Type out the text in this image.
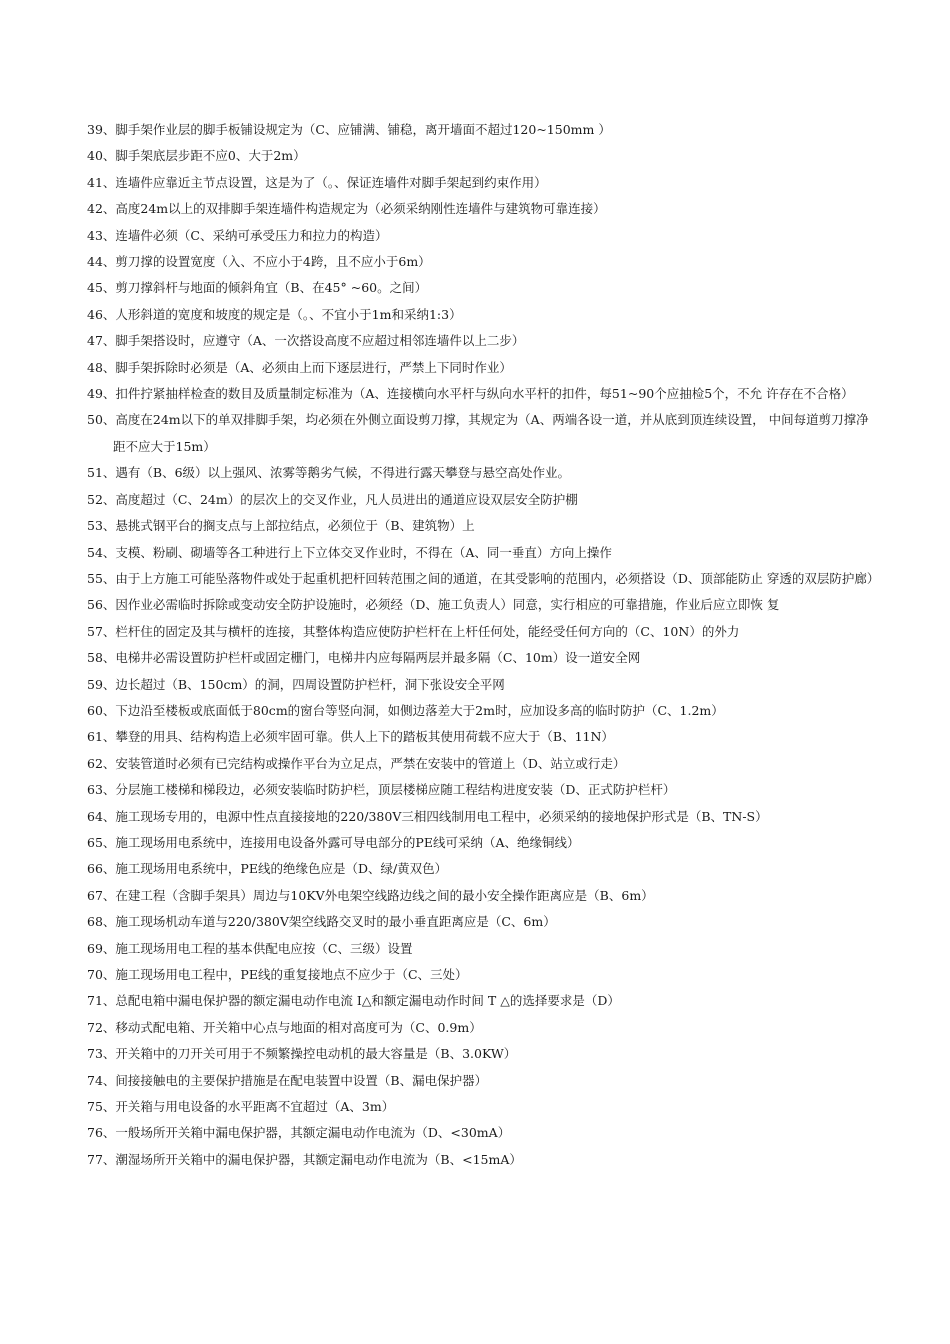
39、脚手架作业层的脚手板铺设规定为（C、应铺满、铺稳，离开墙面不超过120~150mm ）
40、脚手架底层步距不应0、大于2m）
41、连墙件应靠近主节点设置，这是为了（。、保证连墙件对脚手架起到约束作用）
42、高度24m以上的双排脚手架连墙件构造规定为（必须采纳刚性连墙件与建筑物可靠连接）
43、连墙件必须（C、采纳可承受压力和拉力的构造）
44、剪刀撑的设置宽度（入、不应小于4跨，且不应小于6m）
45、剪刀撑斜杆与地面的倾斜角宜（B、在45° ~60。之间）
46、人形斜道的宽度和坡度的规定是（。、不宜小于1m和采纳1:3）
47、脚手架搭设时，应遵守（A、一次搭设高度不应超过相邻连墙件以上二步）
48、脚手架拆除时必须是（A、必须由上而下逐层进行，严禁上下同时作业）
49、扣件拧紧抽样检查的数目及质量制定标准为（A、连接横向水平杆与纵向水平杆的扣件，每51~90个应抽检5个，不允 许存在不合格）
50、高度在24m以下的单双排脚手架，均必须在外侧立面设剪刀撑，其规定为（A、两端各设一道，并从底到顶连续设置， 中间每道剪刀撑净距不应大于15m）
51、遇有（B、6级）以上强风、浓雾等鹅劣气候，不得进行露天攀登与悬空高处作业。
52、高度超过（C、24m）的层次上的交叉作业，凡人员进出的通道应设双层安全防护棚
53、悬挑式钢平台的搁支点与上部拉结点，必须位于（B、建筑物）上
54、支模、粉刷、砌墙等各工种进行上下立体交叉作业时，不得在（A、同一垂直）方向上操作
55、由于上方施工可能坠落物件或处于起重机把杆回转范围之间的通道，在其受影响的范围内，必须搭设（D、顶部能防止 穿透的双层防护廊）
56、因作业必需临时拆除或变动安全防护设施时，必须经（D、施工负责人）同意，实行相应的可靠措施，作业后应立即恢 复
57、栏杆住的固定及其与横杆的连接，其整体构造应使防护栏杆在上杆任何处，能经受任何方向的（C、10N）的外力
58、电梯井必需设置防护栏杆或固定栅门，电梯井内应每隔两层并最多隔（C、10m）设一道安全网
59、边长超过（B、150cm）的洞，四周设置防护栏杆，洞下张设安全平网
60、下边沿至楼板或底面低于80cm的窗台等竖向洞，如侧边落差大于2m时，应加设多高的临时防护（C、1.2m）
61、攀登的用具、结构构造上必须牢固可靠。供人上下的踏板其使用荷载不应大于（B、11N）
62、安装管道时必须有已完结构或操作平台为立足点，严禁在安装中的管道上（D、站立或行走）
63、分层施工楼梯和梯段边，必须安装临时防护栏，顶层楼梯应随工程结构进度安装（D、正式防护栏杆）
64、施工现场专用的，电源中性点直接接地的220/380V三相四线制用电工程中，必须采纳的接地保护形式是（B、TN-S）
65、施工现场用电系统中，连接用电设备外露可导电部分的PE线可采纳（A、绝缘铜线）
66、施工现场用电系统中，PE线的绝缘色应是（D、绿/黄双色）
67、在建工程（含脚手架具）周边与10KV外电架空线路边线之间的最小安全操作距离应是（B、6m）
68、施工现场机动车道与220/380V架空线路交叉时的最小垂直距离应是（C、6m）
69、施工现场用电工程的基本供配电应按（C、三级）设置
70、施工现场用电工程中，PE线的重复接地点不应少于（C、三处）
71、总配电箱中漏电保护器的额定漏电动作电流 I△和额定漏电动作时间 T △的选择要求是（D）
72、移动式配电箱、开关箱中心点与地面的相对高度可为（C、0.9m）
73、开关箱中的刀开关可用于不频繁操控电动机的最大容量是（B、3.0KW）
74、间接接触电的主要保护措施是在配电装置中设置（B、漏电保护器）
75、开关箱与用电设备的水平距离不宜超过（A、3m）
76、一般场所开关箱中漏电保护器，其额定漏电动作电流为（D、<30mA）
77、潮湿场所开关箱中的漏电保护器，其额定漏电动作电流为（B、<15mA）
